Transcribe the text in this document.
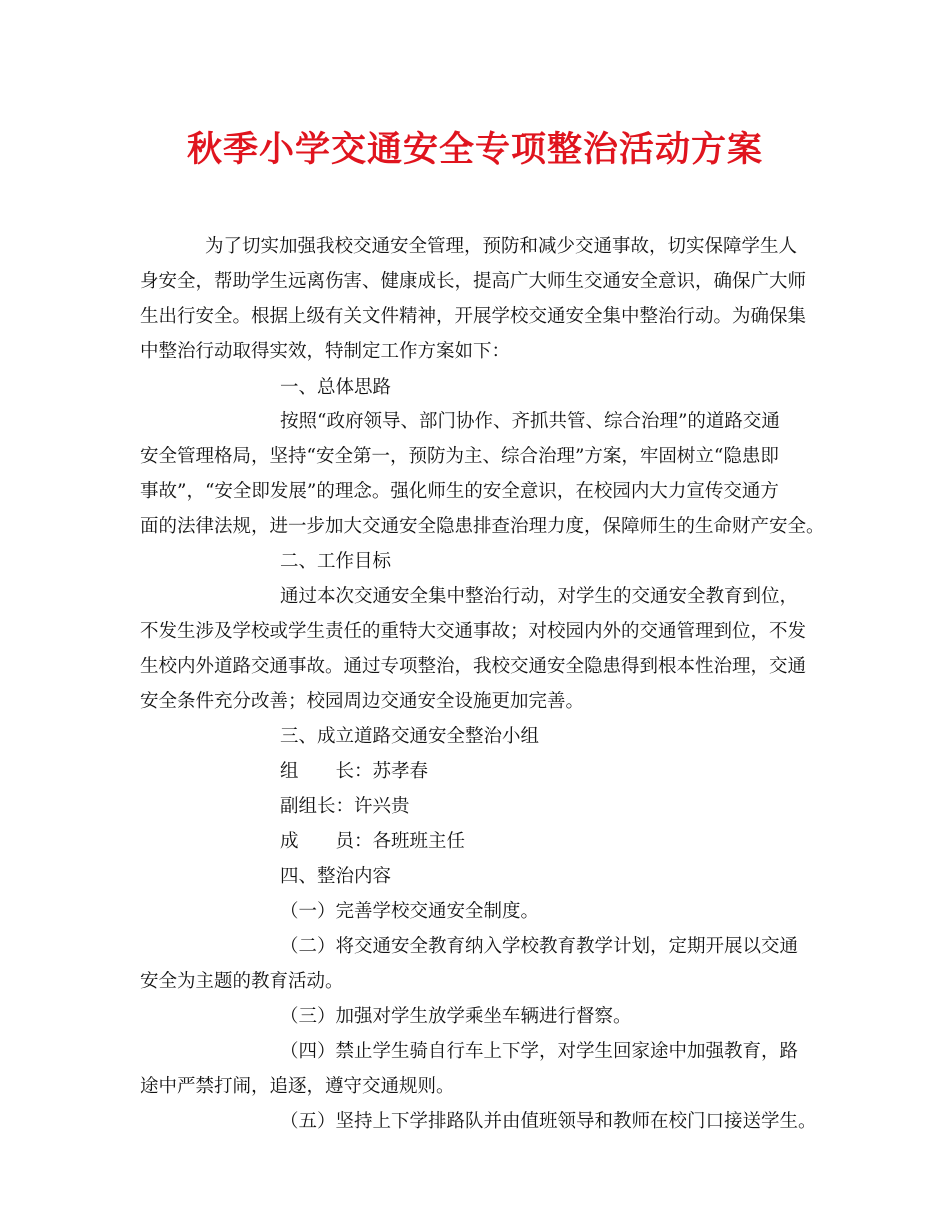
秋季小学交通安全专项整治活动方案
为了切实加强我校交通安全管理，预防和减少交通事故，切实保障学生人
身安全，帮助学生远离伤害、健康成长，提高广大师生交通安全意识，确保广大师
生出行安全。根据上级有关文件精神，开展学校交通安全集中整治行动。为确保集
中整治行动取得实效，特制定工作方案如下：
一、总体思路
按照“政府领导、部门协作、齐抓共管、综合治理”的道路交通
安全管理格局，坚持“安全第一，预防为主、综合治理”方案，牢固树立“隐患即
事故”，“安全即发展”的理念。强化师生的安全意识，在校园内大力宣传交通方
面的法律法规，进一步加大交通安全隐患排查治理力度，保障师生的生命财产安全。
二、工作目标
通过本次交通安全集中整治行动，对学生的交通安全教育到位，
不发生涉及学校或学生责任的重特大交通事故；对校园内外的交通管理到位，不发
生校内外道路交通事故。通过专项整治，我校交通安全隐患得到根本性治理，交通
安全条件充分改善；校园周边交通安全设施更加完善。
三、成立道路交通安全整治小组
组　　长：苏孝春
副组长：许兴贵
成　　员：各班班主任
四、整治内容
（一）完善学校交通安全制度。
（二）将交通安全教育纳入学校教育教学计划，定期开展以交通
安全为主题的教育活动。
（三）加强对学生放学乘坐车辆进行督察。
（四）禁止学生骑自行车上下学，对学生回家途中加强教育，路
途中严禁打闹，追逐，遵守交通规则。
（五）坚持上下学排路队并由值班领导和教师在校门口接送学生。
